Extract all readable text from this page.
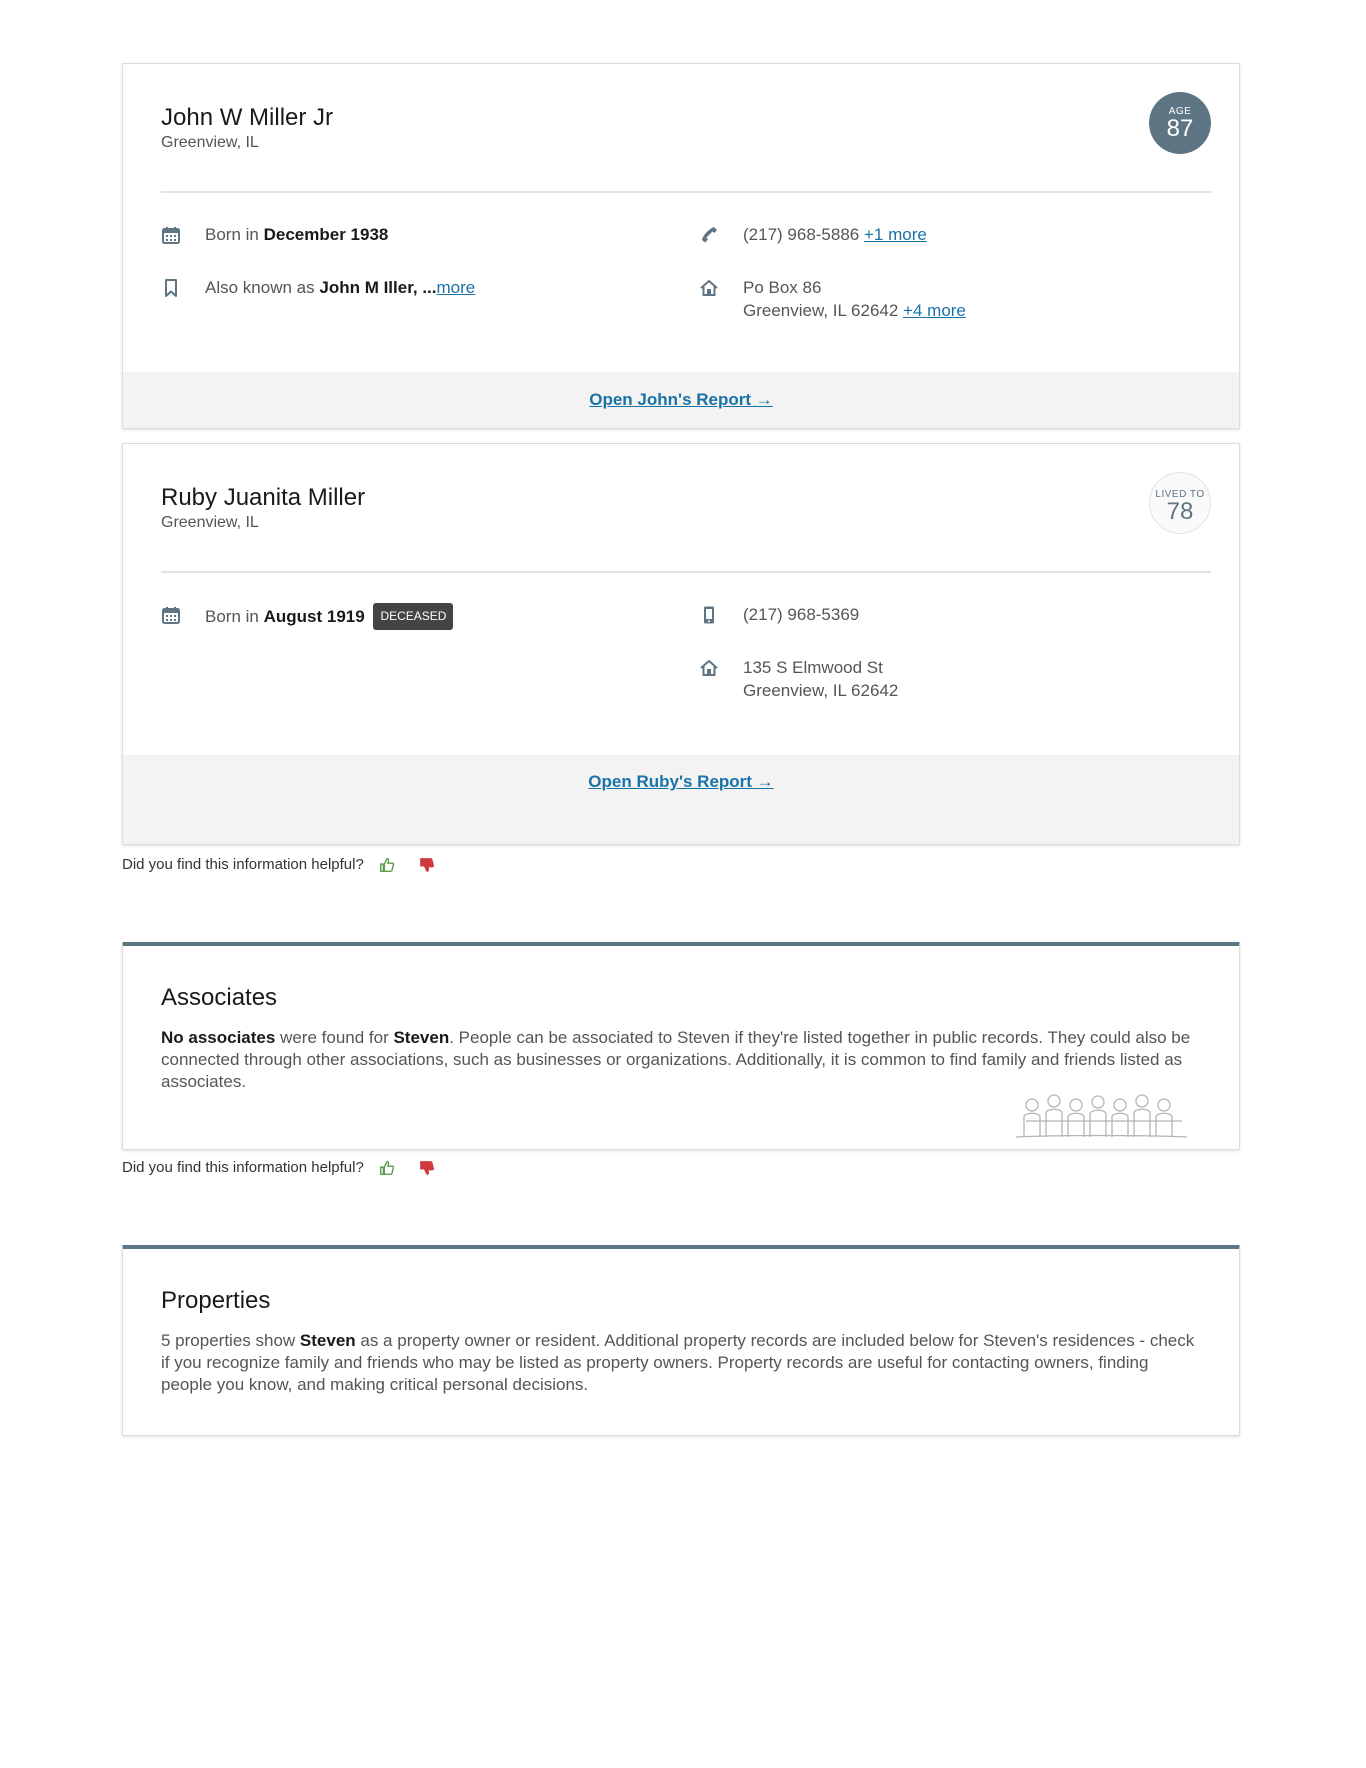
John W Miller Jr
Greenview, IL
AGE
87
Born in December 1938
Also known as John M Iller, ...more
(217) 968-5886 +1 more
Po Box 86
Greenview, IL 62642 +4 more
Open John's Report →
Ruby Juanita Miller
Greenview, IL
LIVED TO
78
Born in August 1919 DECEASED	(217) 968-5369
135 S Elmwood St
Greenview, IL 62642
Open Ruby's Report →
Did you find this information helpful?
Associates
No associates were found for Steven. People can be associated to Steven if they're listed together in public records. They could also be connected through other associations, such as businesses or organizations. Additionally, it is common to find family and friends listed as associates.
Did you find this information helpful?
Properties
5 properties show Steven as a property owner or resident. Additional property records are included below for Steven's residences - check if you recognize family and friends who may be listed as property owners. Property records are useful for contacting owners, finding people you know, and making critical personal decisions.
